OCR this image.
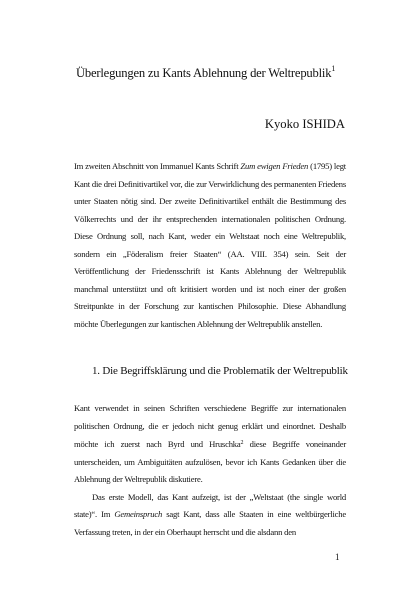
Überlegungen zu Kants Ablehnung der Weltrepublik$^1$
Kyoko ISHIDA

Im zweiten Abschnitt von Immanuel Kants Schrift Zum ewigen Frieden (1795) legt Kant die drei Definitivartikel vor, die zur Verwirklichung des permanenten Friedens unter Staaten nötig sind. Der zweite Definitivartikel enthält die Bestimmung des Völkerrechts und der ihr entsprechenden internationalen politischen Ordnung. Diese Ordnung soll, nach Kant, weder ein Weltstaat noch eine Weltrepublik, sondern ein „Föderalism freier Staaten“ (AA. VIII. 354) sein. Seit der Veröffentlichung der Friedensschrift ist Kants Ablehnung der Weltrepublik manchmal unterstützt und oft kritisiert worden und ist noch einer der großen Streitpunkte in der Forschung zur kantischen Philosophie. Diese Abhandlung möchte Überlegungen zur kantischen Ablehnung der Weltrepublik anstellen.

1. Die Begriffsklärung und die Problematik der Weltrepublik

Kant verwendet in seinen Schriften verschiedene Begriffe zur internationalen politischen Ordnung, die er jedoch nicht genug erklärt und einordnet. Deshalb möchte ich zuerst nach Byrd und Hruschka$^2$ diese Begriffe voneinander unterscheiden, um Ambiguitäten aufzulösen, bevor ich Kants Gedanken über die Ablehnung der Weltrepublik diskutiere.

Das erste Modell, das Kant aufzeigt, ist der „Weltstaat (the single world state)“. Im Gemeinspruch sagt Kant, dass alle Staaten in eine weltbürgerliche Verfassung treten, in der ein Oberhaupt herrscht und die alsdann den

1
